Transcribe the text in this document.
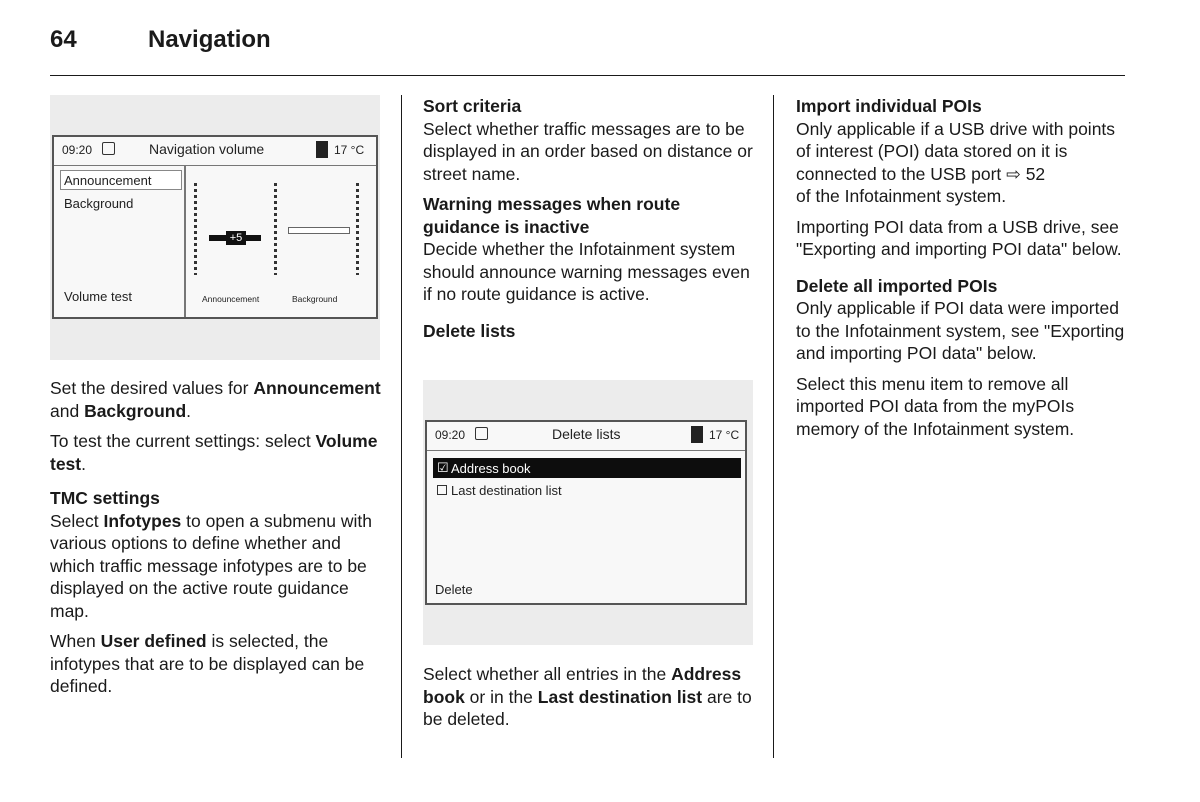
64	Navigation
09:20	Navigation volume	17 °C
Announcement
Background
Volume test
+5
Announcement	Background

Set the desired values for Announcement and Background.

To test the current settings: select Volume test.

TMC settings

Select Infotypes to open a submenu with various options to define whether and which traffic message infotypes are to be displayed on the active route guidance map.

When User defined is selected, the infotypes that are to be displayed can be defined.

Sort criteria

Select whether traffic messages are to be displayed in an order based on distance or street name.

Warning messages when route guidance is inactive

Decide whether the Infotainment system should announce warning messages even if no route guidance is active.

Delete lists
09:20	Delete lists	17 °C
☑ Address book
Last destination list
Delete

Select whether all entries in the Address book or in the Last destination list are to be deleted.

Import individual POIs

Only applicable if a USB drive with points of interest (POI) data stored on it is connected to the USB port ⇨ 52
of the Infotainment system.

Importing POI data from a USB drive, see "Exporting and importing POI data" below.

Delete all imported POIs

Only applicable if POI data were imported to the Infotainment system, see "Exporting and importing POI data" below.

Select this menu item to remove all imported POI data from the myPOIs memory of the Infotainment system.
